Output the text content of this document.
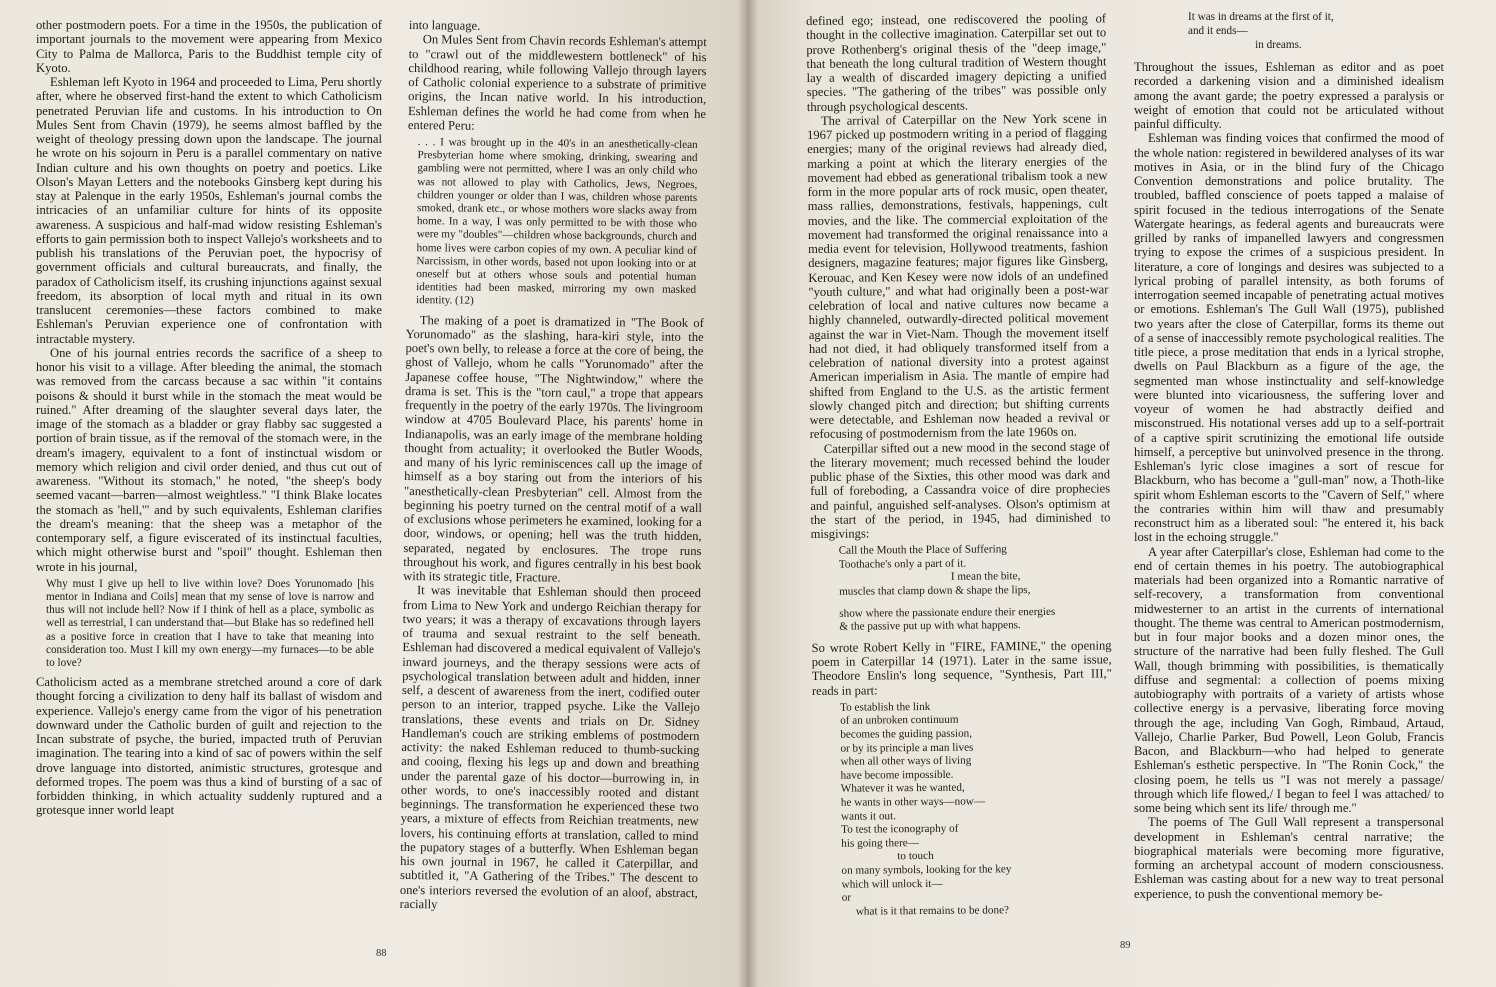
other postmodern poets. For a time in the 1950s, the publication of important journals to the movement were appearing from Mexico City to Palma de Mallorca, Paris to the Buddhist temple city of Kyoto.

Eshleman left Kyoto in 1964 and proceeded to Lima, Peru shortly after, where he observed first-hand the extent to which Catholicism penetrated Peruvian life and customs. In his introduction to On Mules Sent from Chavin (1979), he seems almost baffled by the weight of theology pressing down upon the landscape. The journal he wrote on his sojourn in Peru is a parallel commentary on native Indian culture and his own thoughts on poetry and poetics. Like Olson's Mayan Letters and the notebooks Ginsberg kept during his stay at Palenque in the early 1950s, Eshleman's journal combs the intricacies of an unfamiliar culture for hints of its opposite awareness. A suspicious and half-mad widow resisting Eshleman's efforts to gain permission both to inspect Vallejo's worksheets and to publish his translations of the Peruvian poet, the hypocrisy of government officials and cultural bureaucrats, and finally, the paradox of Catholicism itself, its crushing injunctions against sexual freedom, its absorption of local myth and ritual in its own translucent ceremonies—these factors combined to make Eshleman's Peruvian experience one of confrontation with intractable mystery.

One of his journal entries records the sacrifice of a sheep to honor his visit to a village. After bleeding the animal, the stomach was removed from the carcass because a sac within "it contains poisons & should it burst while in the stomach the meat would be ruined." After dreaming of the slaughter several days later, the image of the stomach as a bladder or gray flabby sac suggested a portion of brain tissue, as if the removal of the stomach were, in the dream's imagery, equivalent to a font of instinctual wisdom or memory which religion and civil order denied, and thus cut out of awareness. "Without its stomach," he noted, "the sheep's body seemed vacant—barren—almost weightless." "I think Blake locates the stomach as 'hell,'" and by such equivalents, Eshleman clarifies the dream's meaning: that the sheep was a metaphor of the contemporary self, a figure eviscerated of its instinctual faculties, which might otherwise burst and "spoil" thought. Eshleman then wrote in his journal,

Why must I give up hell to live within love? Does Yorunomado [his mentor in Indiana and Coils] mean that my sense of love is narrow and thus will not include hell? Now if I think of hell as a place, symbolic as well as terrestrial, I can understand that—but Blake has so redefined hell as a positive force in creation that I have to take that meaning into consideration too. Must I kill my own energy—my furnaces—to be able to love?

Catholicism acted as a membrane stretched around a core of dark thought forcing a civilization to deny half its ballast of wisdom and experience. Vallejo's energy came from the vigor of his penetration downward under the Catholic burden of guilt and rejection to the Incan substrate of psyche, the buried, impacted truth of Peruvian imagination. The tearing into a kind of sac of powers within the self drove language into distorted, animistic structures, grotesque and deformed tropes. The poem was thus a kind of bursting of a sac of forbidden thinking, in which actuality suddenly ruptured and a grotesque inner world leapt

into language.

On Mules Sent from Chavin records Eshleman's attempt to "crawl out of the middlewestern bottleneck" of his childhood rearing, while following Vallejo through layers of Catholic colonial experience to a substrate of primitive origins, the Incan native world. In his introduction, Eshleman defines the world he had come from when he entered Peru:

. . . I was brought up in the 40's in an anesthetically-clean Presbyterian home where smoking, drinking, swearing and gambling were not permitted, where I was an only child who was not allowed to play with Catholics, Jews, Negroes, children younger or older than I was, children whose parents smoked, drank etc., or whose mothers wore slacks away from home. In a way, I was only permitted to be with those who were my "doubles"—children whose backgrounds, church and home lives were carbon copies of my own. A peculiar kind of Narcissism, in other words, based not upon looking into or at oneself but at others whose souls and potential human identities had been masked, mirroring my own masked identity. (12)

The making of a poet is dramatized in "The Book of Yorunomado" as the slashing, hara-kiri style, into the poet's own belly, to release a force at the core of being, the ghost of Vallejo, whom he calls "Yorunomado" after the Japanese coffee house, "The Nightwindow," where the drama is set. This is the "torn caul," a trope that appears frequently in the poetry of the early 1970s. The livingroom window at 4705 Boulevard Place, his parents' home in Indianapolis, was an early image of the membrane holding thought from actuality; it overlooked the Butler Woods, and many of his lyric reminiscences call up the image of himself as a boy staring out from the interiors of his "anesthetically-clean Presbyterian" cell. Almost from the beginning his poetry turned on the central motif of a wall of exclusions whose perimeters he examined, looking for a door, windows, or opening; hell was the truth hidden, separated, negated by enclosures. The trope runs throughout his work, and figures centrally in his best book with its strategic title, Fracture.

It was inevitable that Eshleman should then proceed from Lima to New York and undergo Reichian therapy for two years; it was a therapy of excavations through layers of trauma and sexual restraint to the self beneath. Eshleman had discovered a medical equivalent of Vallejo's inward journeys, and the therapy sessions were acts of psychological translation between adult and hidden, inner self, a descent of awareness from the inert, codified outer person to an interior, trapped psyche. Like the Vallejo translations, these events and trials on Dr. Sidney Handleman's couch are striking emblems of postmodern activity: the naked Eshleman reduced to thumb-sucking and cooing, flexing his legs up and down and breathing under the parental gaze of his doctor—burrowing in, in other words, to one's inaccessibly rooted and distant beginnings. The transformation he experienced these two years, a mixture of effects from Reichian treatments, new lovers, his continuing efforts at translation, called to mind the pupatory stages of a butterfly. When Eshleman began his own journal in 1967, he called it Caterpillar, and subtitled it, "A Gathering of the Tribes." The descent to one's interiors reversed the evolution of an aloof, abstract, racially

88

defined ego; instead, one rediscovered the pooling of thought in the collective imagination. Caterpillar set out to prove Rothenberg's original thesis of the "deep image," that beneath the long cultural tradition of Western thought lay a wealth of discarded imagery depicting a unified species. "The gathering of the tribes" was possible only through psychological descents.

The arrival of Caterpillar on the New York scene in 1967 picked up postmodern writing in a period of flagging energies; many of the original reviews had already died, marking a point at which the literary energies of the movement had ebbed as generational tribalism took a new form in the more popular arts of rock music, open theater, mass rallies, demonstrations, festivals, happenings, cult movies, and the like. The commercial exploitation of the movement had transformed the original renaissance into a media event for television, Hollywood treatments, fashion designers, magazine features; major figures like Ginsberg, Kerouac, and Ken Kesey were now idols of an undefined "youth culture," and what had originally been a post-war celebration of local and native cultures now became a highly channeled, outwardly-directed political movement against the war in Viet-Nam. Though the movement itself had not died, it had obliquely transformed itself from a celebration of national diversity into a protest against American imperialism in Asia. The mantle of empire had shifted from England to the U.S. as the artistic ferment slowly changed pitch and direction; but shifting currents were detectable, and Eshleman now headed a revival or refocusing of postmodernism from the late 1960s on.

Caterpillar sifted out a new mood in the second stage of the literary movement; much recessed behind the louder public phase of the Sixties, this other mood was dark and full of foreboding, a Cassandra voice of dire prophecies and painful, anguished self-analyses. Olson's optimism at the start of the period, in 1945, had diminished to misgivings:

Call the Mouth the Place of Suffering
Toothache's only a part of it.
I mean the bite,
muscles that clamp down & shape the lips,
show where the passionate endure their energies
& the passive put up with what happens.

So wrote Robert Kelly in "FIRE, FAMINE," the opening poem in Caterpillar 14 (1971). Later in the same issue, Theodore Enslin's long sequence, "Synthesis, Part III," reads in part:

To establish the link
of an unbroken continuum
becomes the guiding passion,
or by its principle a man lives
when all other ways of living
have become impossible.
Whatever it was he wanted,
he wants in other ways—now—
wants it out.
To test the iconography of
his going there—
to touch
on many symbols, looking for the key
which will unlock it—
or
what is it that remains to be done?
It was in dreams at the first of it,
and it ends—
in dreams.

Throughout the issues, Eshleman as editor and as poet recorded a darkening vision and a diminished idealism among the avant garde; the poetry expressed a paralysis or weight of emotion that could not be articulated without painful difficulty.

Eshleman was finding voices that confirmed the mood of the whole nation: registered in bewildered analyses of its war motives in Asia, or in the blind fury of the Chicago Convention demonstrations and police brutality. The troubled, baffled conscience of poets tapped a malaise of spirit focused in the tedious interrogations of the Senate Watergate hearings, as federal agents and bureaucrats were grilled by ranks of impanelled lawyers and congressmen trying to expose the crimes of a suspicious president. In literature, a core of longings and desires was subjected to a lyrical probing of parallel intensity, as both forums of interrogation seemed incapable of penetrating actual motives or emotions. Eshleman's The Gull Wall (1975), published two years after the close of Caterpillar, forms its theme out of a sense of inaccessibly remote psychological realities. The title piece, a prose meditation that ends in a lyrical strophe, dwells on Paul Blackburn as a figure of the age, the segmented man whose instinctuality and self-knowledge were blunted into vicariousness, the suffering lover and voyeur of women he had abstractly deified and misconstrued. His notational verses add up to a self-portrait of a captive spirit scrutinizing the emotional life outside himself, a perceptive but uninvolved presence in the throng. Eshleman's lyric close imagines a sort of rescue for Blackburn, who has become a "gull-man" now, a Thoth-like spirit whom Eshleman escorts to the "Cavern of Self," where the contraries within him will thaw and presumably reconstruct him as a liberated soul: "he entered it, his back lost in the echoing struggle."

A year after Caterpillar's close, Eshleman had come to the end of certain themes in his poetry. The autobiographical materials had been organized into a Romantic narrative of self-recovery, a transformation from conventional midwesterner to an artist in the currents of international thought. The theme was central to American postmodernism, but in four major books and a dozen minor ones, the structure of the narrative had been fully fleshed. The Gull Wall, though brimming with possibilities, is thematically diffuse and segmental: a collection of poems mixing autobiography with portraits of a variety of artists whose collective energy is a pervasive, liberating force moving through the age, including Van Gogh, Rimbaud, Artaud, Vallejo, Charlie Parker, Bud Powell, Leon Golub, Francis Bacon, and Blackburn—who had helped to generate Eshleman's esthetic perspective. In "The Ronin Cock," the closing poem, he tells us "I was not merely a passage/ through which life flowed,/ I began to feel I was attached/ to some being which sent its life/ through me."

The poems of The Gull Wall represent a transpersonal development in Eshleman's central narrative; the biographical materials were becoming more figurative, forming an archetypal account of modern consciousness. Eshleman was casting about for a new way to treat personal experience, to push the conventional memory be-

89
